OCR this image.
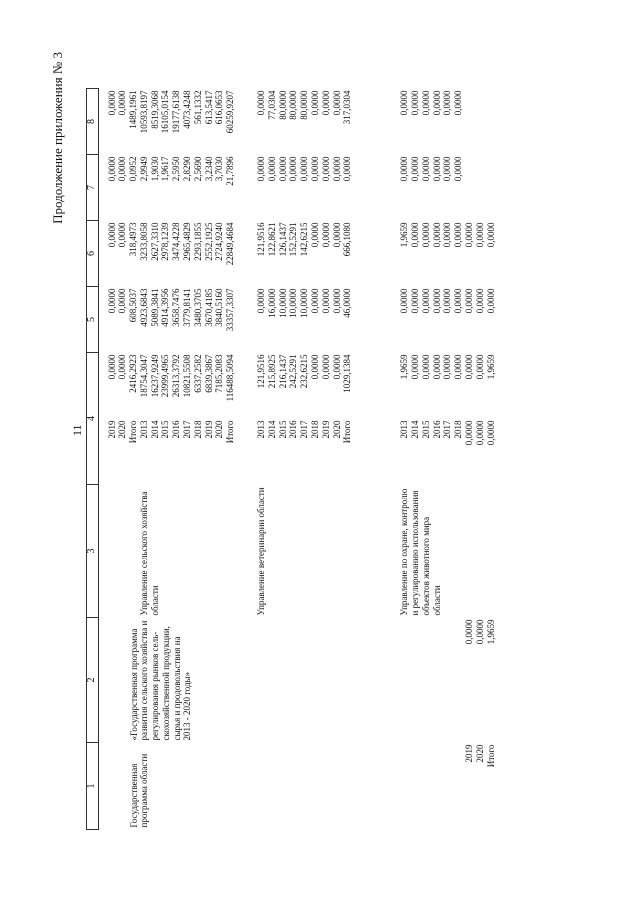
Продолжение приложения № 3
11
1	2	3	4		5	6	7	8

Государственная программа области	«Государственная программа развития сельского хозяйства и регулирования рынков сель-скохозяйственной продукции, сырья и продовольствия на 2013 - 2020 годы»		2019	0,0000	0,0000	0,0000	0,0000	0,0000
			2020	0,0000	0,0000	0,0000	0,0000	0,0000
			Итого	2416,2923	608,5037	318,4973	0,0952	1489,1961

		Управление сельского хозяйства области	2013	18754,3047	4923,6843	3233,8058	2,9949	10593,8197
			2014	16237,9249	5089,3841	2627,3310	1,9030	8519,3068
			2015	23999,4965	4914,3956	2978,1239	1,9617	16105,0154
			2016	26313,3792	3658,7476	3474,4228	2,5950	19177,6138
			2017	10821,5508	3779,8141	2965,4829	2,8290	4073,4248
			2018	6337,2582	3480,3705	2293,1855	2,5690	561,1332
			2019	6839,3867	3670,4185	2552,1925	3,2340	613,5417
			2020	7185,2083	3840,5160	2724,9240	3,7030	616,0653
			Итого	116488,5094	33357,3307	22849,4684	21,7896	60259,9207

		Управление ветеринарии области	2013	121,9516	0,0000	121,9516	0,0000	0,0000
			2014	215,8925	16,0000	122,8621	0,0000	77,0304
			2015	216,1437	10,0000	126,1437	0,0000	80,0000
			2016	242,5291	10,0000	152,5291	0,0000	80,0000
			2017	232,6215	10,0000	142,6215	0,0000	80,0000
			2018	0,0000	0,0000	0,0000	0,0000	0,0000
			2019	0,0000	0,0000	0,0000	0,0000	0,0000
			2020	0,0000	0,0000	0,0000	0,0000	0,0000
			Итого	1029,1384	46,0000	666,1080	0,0000	317,0304

		Управление по охране, контролю и регулированию использования объектов животного мира области	2013	1,9659	0,0000	1,9659	0,0000	0,0000
			2014	0,0000	0,0000	0,0000	0,0000	0,0000
			2015	0,0000	0,0000	0,0000	0,0000	0,0000
			2016	0,0000	0,0000	0,0000	0,0000	0,0000
			2017	0,0000	0,0000	0,0000	0,0000	0,0000
			2018	0,0000	0,0000	0,0000	0,0000	0,0000
2019	0,0000		0,0000	0,0000	0,0000	0,0000		
2020	0,0000		0,0000	0,0000	0,0000	0,0000		
Итого	1,9659		0,0000	1,9659	0,0000	0,0000		
